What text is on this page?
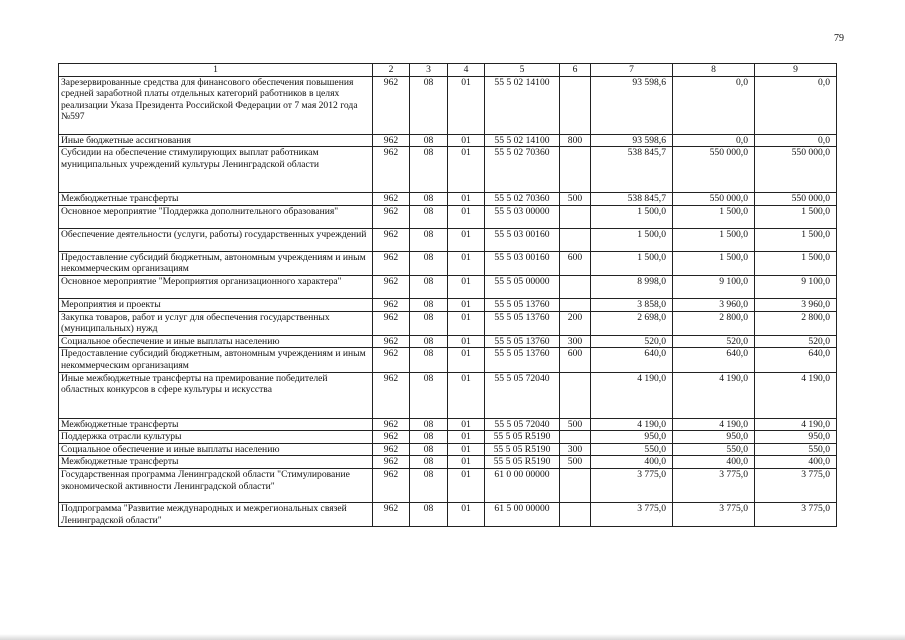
79
1	2	3	4	5	6	7	8	9
Зарезервированные средства для финансового обеспечения повышения средней заработной платы отдельных категорий работников в целях реализации Указа Президента Российской Федерации от 7 мая 2012 года №597	962	08	01	55 5 02 14100		93 598,6	0,0	0,0
Иные бюджетные ассигнования	962	08	01	55 5 02 14100	800	93 598,6	0,0	0,0
Субсидии на обеспечение стимулирующих выплат работникам муниципальных учреждений культуры Ленинградской области	962	08	01	55 5 02 70360		538 845,7	550 000,0	550 000,0
Межбюджетные трансферты	962	08	01	55 5 02 70360	500	538 845,7	550 000,0	550 000,0
Основное мероприятие "Поддержка дополнительного образования"	962	08	01	55 5 03 00000		1 500,0	1 500,0	1 500,0
Обеспечение деятельности (услуги, работы) государственных учреждений	962	08	01	55 5 03 00160		1 500,0	1 500,0	1 500,0
Предоставление субсидий бюджетным, автономным учреждениям и иным некоммерческим организациям	962	08	01	55 5 03 00160	600	1 500,0	1 500,0	1 500,0
Основное мероприятие "Мероприятия организационного характера"	962	08	01	55 5 05 00000		8 998,0	9 100,0	9 100,0
Мероприятия и проекты	962	08	01	55 5 05 13760		3 858,0	3 960,0	3 960,0
Закупка товаров, работ и услуг для обеспечения государственных (муниципальных) нужд	962	08	01	55 5 05 13760	200	2 698,0	2 800,0	2 800,0
Социальное обеспечение и иные выплаты населению	962	08	01	55 5 05 13760	300	520,0	520,0	520,0
Предоставление субсидий бюджетным, автономным учреждениям и иным некоммерческим организациям	962	08	01	55 5 05 13760	600	640,0	640,0	640,0
Иные межбюджетные трансферты на премирование победителей областных конкурсов в сфере культуры и искусства	962	08	01	55 5 05 72040		4 190,0	4 190,0	4 190,0
Межбюджетные трансферты	962	08	01	55 5 05 72040	500	4 190,0	4 190,0	4 190,0
Поддержка отрасли культуры	962	08	01	55 5 05 R5190		950,0	950,0	950,0
Социальное обеспечение и иные выплаты населению	962	08	01	55 5 05 R5190	300	550,0	550,0	550,0
Межбюджетные трансферты	962	08	01	55 5 05 R5190	500	400,0	400,0	400,0
Государственная программа Ленинградской области "Стимулирование экономической активности Ленинградской области"	962	08	01	61 0 00 00000		3 775,0	3 775,0	3 775,0
Подпрограмма "Развитие международных и межрегиональных связей Ленинградской области"	962	08	01	61 5 00 00000		3 775,0	3 775,0	3 775,0
